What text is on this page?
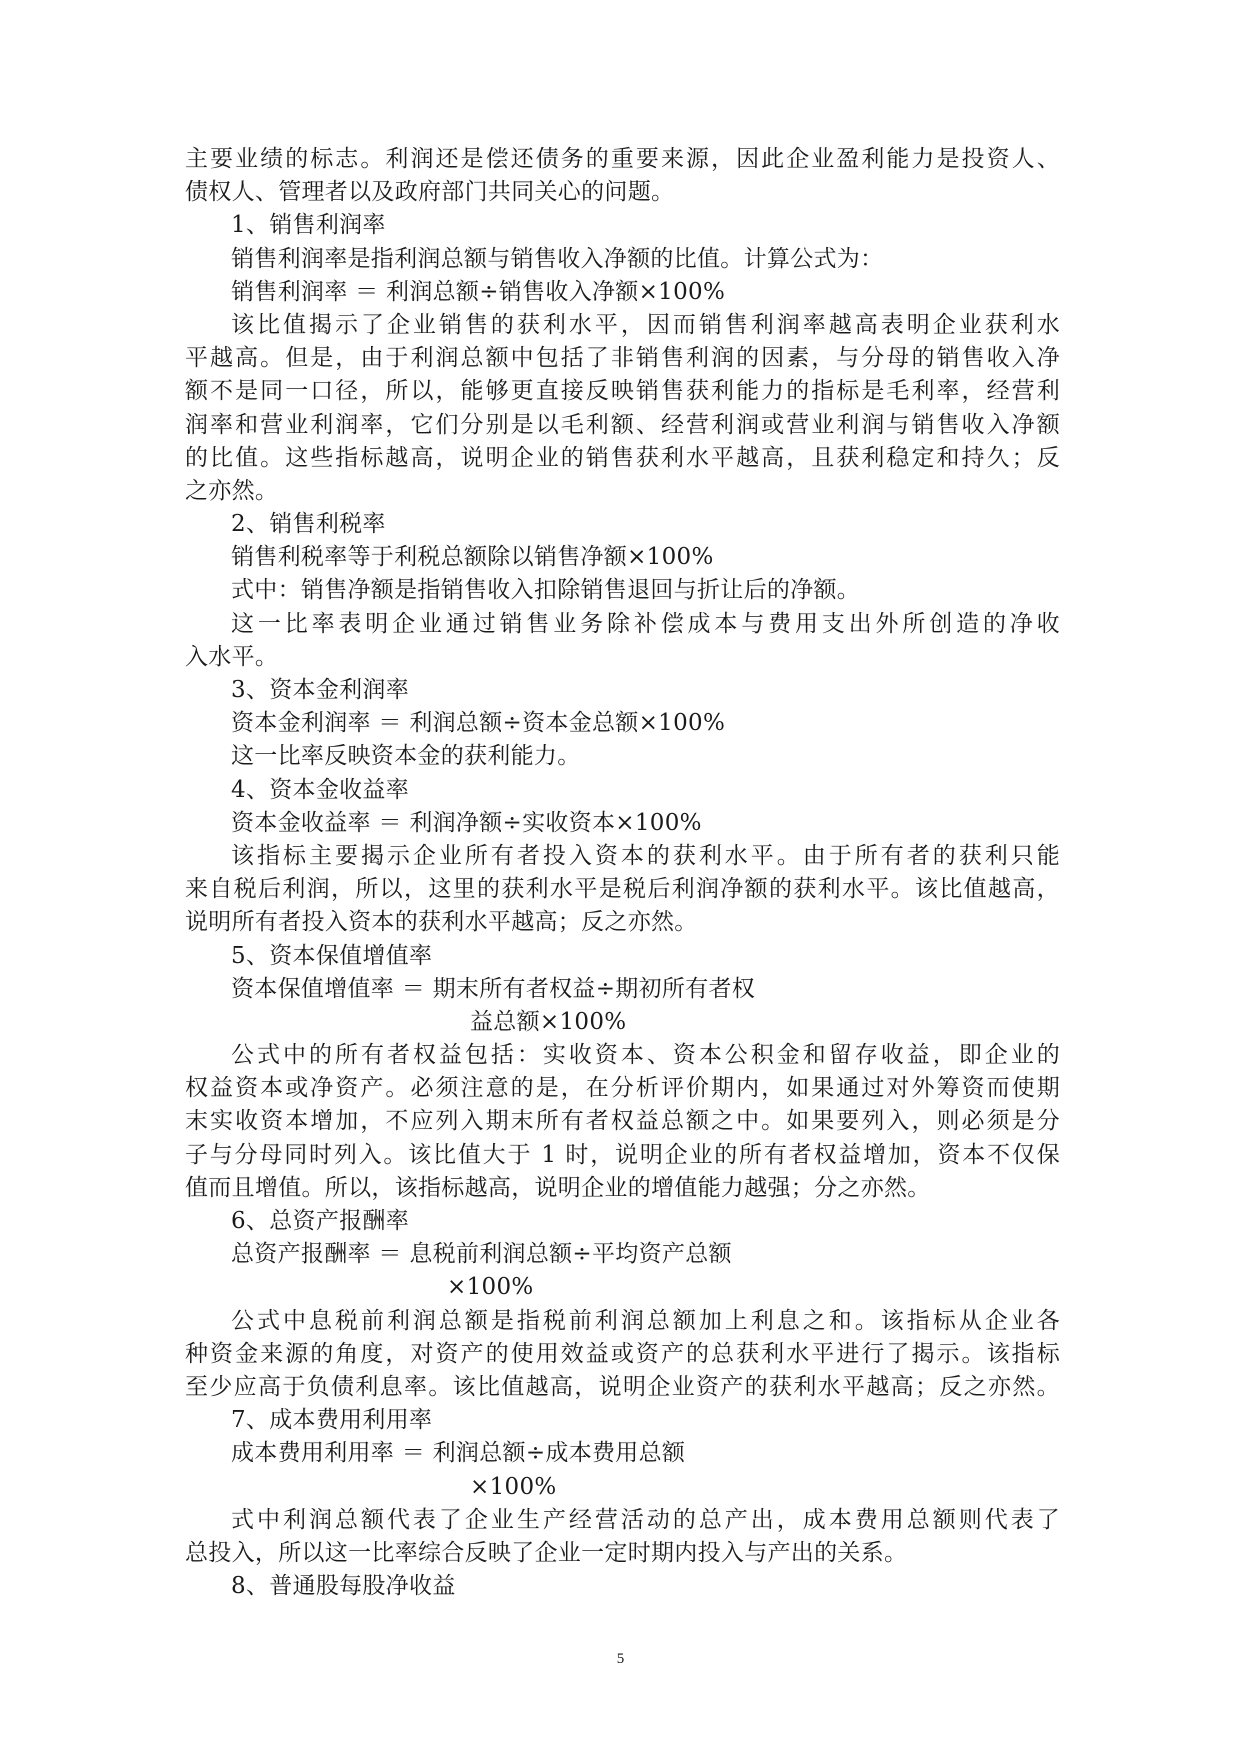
主要业绩的标志。利润还是偿还债务的重要来源，因此企业盈利能力是投资人、
债权人、管理者以及政府部门共同关心的问题。
1、销售利润率
销售利润率是指利润总额与销售收入净额的比值。计算公式为：
销售利润率 ＝ 利润总额÷销售收入净额×100%
该比值揭示了企业销售的获利水平，因而销售利润率越高表明企业获利水
平越高。但是，由于利润总额中包括了非销售利润的因素，与分母的销售收入净
额不是同一口径，所以，能够更直接反映销售获利能力的指标是毛利率，经营利
润率和营业利润率，它们分别是以毛利额、经营利润或营业利润与销售收入净额
的比值。这些指标越高，说明企业的销售获利水平越高，且获利稳定和持久；反
之亦然。
2、销售利税率
销售利税率等于利税总额除以销售净额×100%
式中：销售净额是指销售收入扣除销售退回与折让后的净额。
这一比率表明企业通过销售业务除补偿成本与费用支出外所创造的净收
入水平。
3、资本金利润率
资本金利润率 ＝ 利润总额÷资本金总额×100%
这一比率反映资本金的获利能力。
4、资本金收益率
资本金收益率 ＝ 利润净额÷实收资本×100%
该指标主要揭示企业所有者投入资本的获利水平。由于所有者的获利只能
来自税后利润，所以，这里的获利水平是税后利润净额的获利水平。该比值越高，
说明所有者投入资本的获利水平越高；反之亦然。
5、资本保值增值率
资本保值增值率 ＝ 期末所有者权益÷期初所有者权
益总额×100%
公式中的所有者权益包括：实收资本、资本公积金和留存收益，即企业的
权益资本或净资产。必须注意的是，在分析评价期内，如果通过对外筹资而使期
末实收资本增加，不应列入期末所有者权益总额之中。如果要列入，则必须是分
子与分母同时列入。该比值大于 1 时，说明企业的所有者权益增加，资本不仅保
值而且增值。所以，该指标越高，说明企业的增值能力越强；分之亦然。
6、总资产报酬率
总资产报酬率 ＝ 息税前利润总额÷平均资产总额
×100%
公式中息税前利润总额是指税前利润总额加上利息之和。该指标从企业各
种资金来源的角度，对资产的使用效益或资产的总获利水平进行了揭示。该指标
至少应高于负债利息率。该比值越高，说明企业资产的获利水平越高；反之亦然。
7、成本费用利用率
成本费用利用率 ＝ 利润总额÷成本费用总额
×100%
式中利润总额代表了企业生产经营活动的总产出，成本费用总额则代表了
总投入，所以这一比率综合反映了企业一定时期内投入与产出的关系。
8、普通股每股净收益
5
